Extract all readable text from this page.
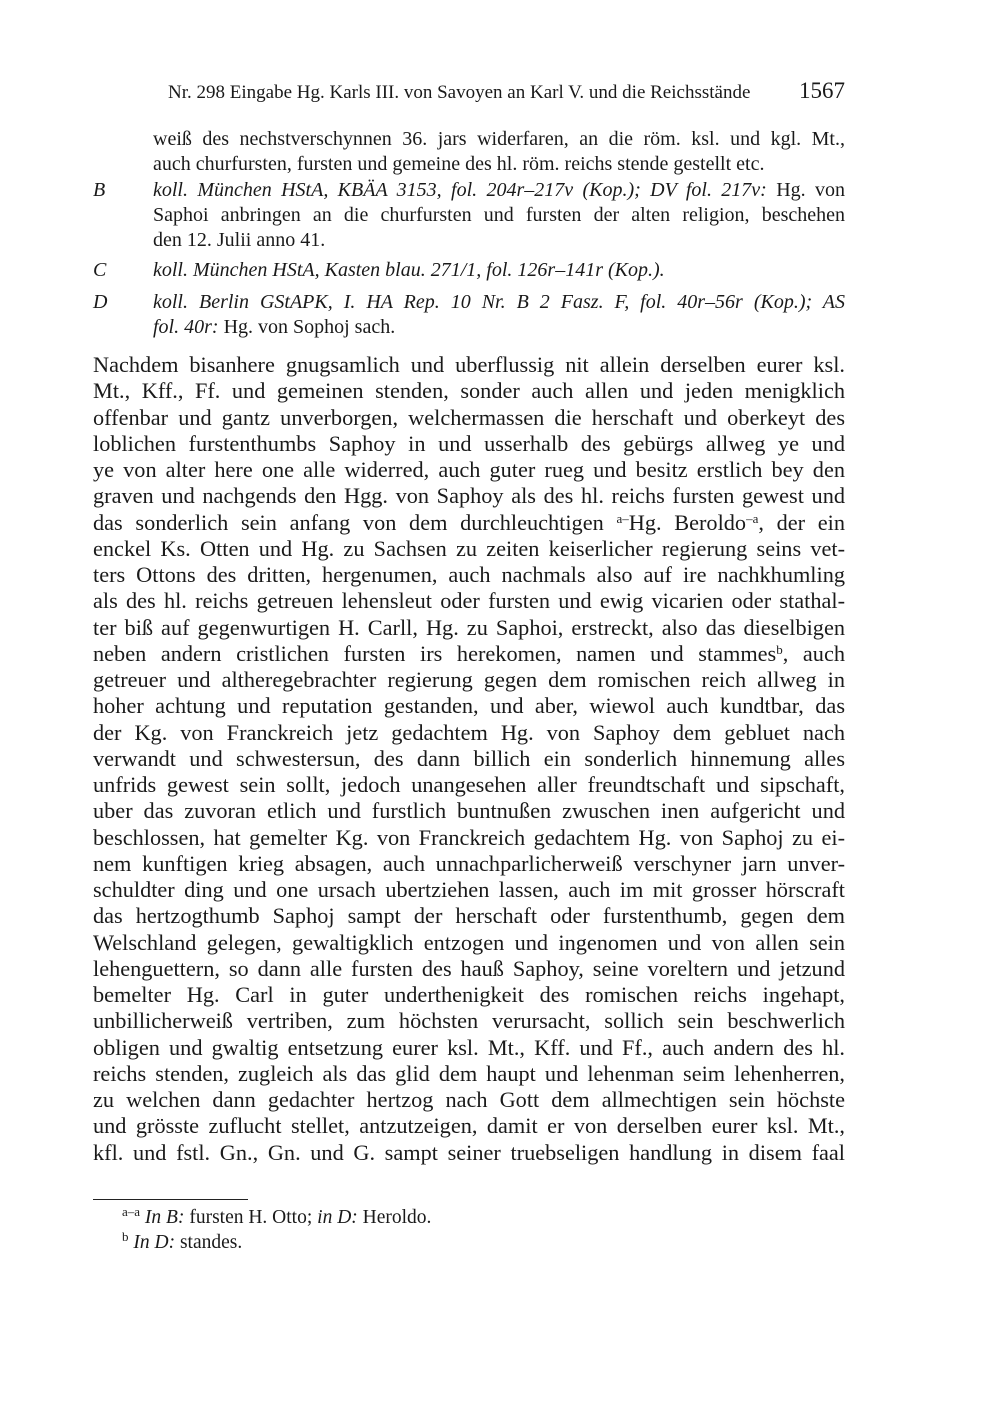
Nr. 298 Eingabe Hg. Karls III. von Savoyen an Karl V. und die Reichsstände 1567
weiß des nechstverschynnen 36. jars widerfaren, an die röm. ksl. und kgl. Mt.,
auch churfursten, fursten und gemeine des hl. röm. reichs stende gestellt etc.
B koll. München HStA, KBÄA 3153, fol. 204r–217v (Kop.); DV fol. 217v: Hg. von
Saphoi anbringen an die churfursten und fursten der alten religion, beschehen
den 12. Julii anno 41.
C koll. München HStA, Kasten blau. 271/1, fol. 126r–141r (Kop.).
D koll. Berlin GStAPK, I. HA Rep. 10 Nr. B 2 Fasz. F, fol. 40r–56r (Kop.); AS
fol. 40r: Hg. von Sophoj sach.
Nachdem bisanhere gnugsamlich und uberflussig nit allein derselben eurer ksl.
Mt., Kff., Ff. und gemeinen stenden, sonder auch allen und jeden menigklich
offenbar und gantz unverborgen, welchermassen die herschaft und oberkeyt des
loblichen furstenthumbs Saphoy in und usserhalb des gebürgs allweg ye und
ye von alter here one alle widerred, auch guter rueg und besitz erstlich bey den
graven und nachgends den Hgg. von Saphoy als des hl. reichs fursten gewest und
das sonderlich sein anfang von dem durchleuchtigen $^{a-}$Hg. Beroldo$^{-a}$, der ein
enckel Ks. Otten und Hg. zu Sachsen zu zeiten keiserlicher regierung seins vet-
ters Ottons des dritten, hergenumen, auch nachmals also auf ire nachkhumling
als des hl. reichs getreuen lehensleut oder fursten und ewig vicarien oder stathal-
ter biß auf gegenwurtigen H. Carll, Hg. zu Saphoi, erstreckt, also das dieselbigen
neben andern cristlichen fursten irs herekomen, namen und stammes$^b$, auch
getreuer und altheregebrachter regierung gegen dem romischen reich allweg in
hoher achtung und reputation gestanden, und aber, wiewol auch kundtbar, das
der Kg. von Franckreich jetz gedachtem Hg. von Saphoy dem gebluet nach
verwandt und schwestersun, des dann billich ein sonderlich hinnemung alles
unfrids gewest sein sollt, jedoch unangesehen aller freundtschaft und sipschaft,
uber das zuvoran etlich und furstlich buntnußen zwuschen inen aufgericht und
beschlossen, hat gemelter Kg. von Franckreich gedachtem Hg. von Saphoj zu ei-
nem kunftigen krieg absagen, auch unnachparlicherweiß verschyner jarn unver-
schuldter ding und one ursach ubertziehen lassen, auch im mit grosser hörscraft
das hertzogthumb Saphoj sampt der herschaft oder furstenthumb, gegen dem
Welschland gelegen, gewaltigklich entzogen und ingenomen und von allen sein
lehenguettern, so dann alle fursten des hauß Saphoy, seine voreltern und jetzund
bemelter Hg. Carl in guter underthenigkeit des romischen reichs ingehapt,
unbillicherweiß vertriben, zum höchsten verursacht, sollich sein beschwerlich
obligen und gwaltig entsetzung eurer ksl. Mt., Kff. und Ff., auch andern des hl.
reichs stenden, zugleich als das glid dem haupt und lehenman seim lehenherren,
zu welchen dann gedachter hertzog nach Gott dem allmechtigen sein höchste
und grösste zuflucht stellet, antzutzeigen, damit er von derselben eurer ksl. Mt.,
kfl. und fstl. Gn., Gn. und G. sampt seiner truebseligen handlung in disem faal
$^{a-a}$ In B: fursten H. Otto; in D: Heroldo.
$^b$ In D: standes.
